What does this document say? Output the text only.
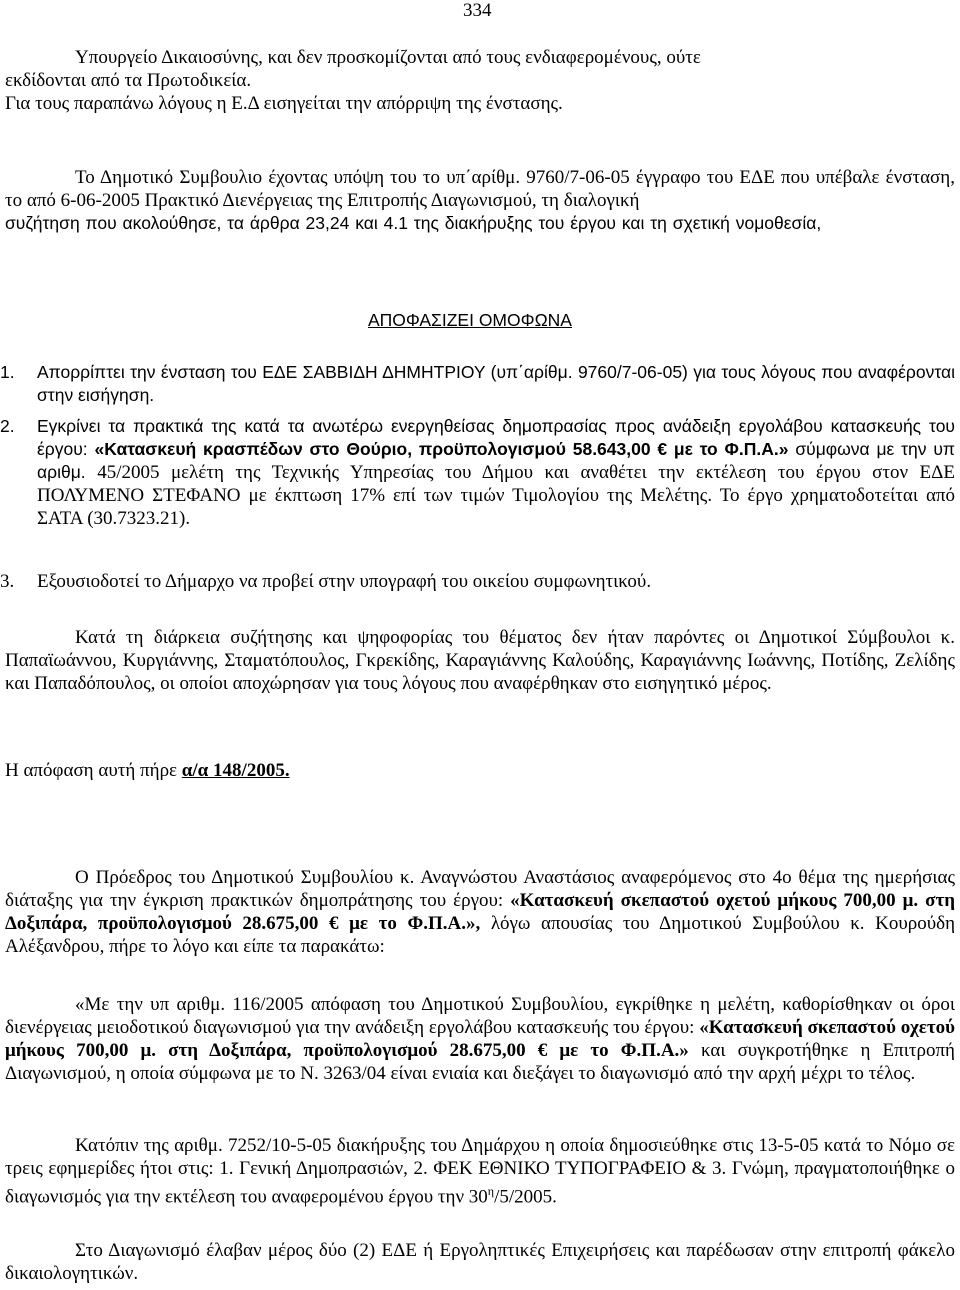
334
Υπουργείο Δικαιοσύνης, και δεν προσκομίζονται από τους ενδιαφερομένους, ούτε
εκδίδονται από τα Πρωτοδικεία.
Για τους παραπάνω λόγους η Ε.Δ εισηγείται την απόρριψη της ένστασης.
Το Δημοτικό Συμβουλιο έχοντας υπόψη του το υπ΄αρίθμ. 9760/7-06-05 έγγραφο του ΕΔΕ που υπέβαλε ένσταση, το από 6-06-2005 Πρακτικό Διενέργειας της Επιτροπής Διαγωνισμού, τη διαλογική
συζήτηση που ακολούθησε, τα άρθρα 23,24 και 4.1 της διακήρυξης του έργου και τη σχετική νομοθεσία,
ΑΠΟΦΑΣΙΖΕΙ ΟΜΟΦΩΝΑ
1. Απορρίπτει την ένσταση του ΕΔΕ ΣΑΒΒΙΔΗ ΔΗΜΗΤΡΙΟΥ (υπ΄αρίθμ. 9760/7-06-05) για τους λόγους που αναφέρονται στην εισήγηση.
2. Εγκρίνει τα πρακτικά της κατά τα ανωτέρω ενεργηθείσας δημοπρασίας προς ανάδειξη εργολάβου κατασκευής του έργου: «Κατασκευή κρασπέδων στο Θούριο, προϋπολογισμού 58.643,00 € με το Φ.Π.Α.» σύμφωνα με την υπ αριθμ. 45/2005 μελέτη της Τεχνικής Υπηρεσίας του Δήμου και αναθέτει την εκτέλεση του έργου στον ΕΔΕ ΠΟΛΥΜΕΝΟ ΣΤΕΦΑΝΟ με έκπτωση 17% επί των τιμών Τιμολογίου της Μελέτης. Το έργο χρηματοδοτείται από ΣΑΤΑ (30.7323.21).
3. Εξουσιοδοτεί το Δήμαρχο να προβεί στην υπογραφή του οικείου συμφωνητικού.
Κατά τη διάρκεια συζήτησης και ψηφοφορίας του θέματος δεν ήταν παρόντες οι Δημοτικοί Σύμβουλοι κ. Παπαϊωάννου, Κυργιάννης, Σταματόπουλος, Γκρεκίδης, Καραγιάννης Καλούδης, Καραγιάννης Ιωάννης, Ποτίδης, Ζελίδης και Παπαδόπουλος, οι οποίοι αποχώρησαν για τους λόγους που αναφέρθηκαν στο εισηγητικό μέρος.
Η απόφαση αυτή πήρε α/α 148/2005.
Ο Πρόεδρος του Δημοτικού Συμβουλίου κ. Αναγνώστου Αναστάσιος αναφερόμενος στο 4ο θέμα της ημερήσιας διάταξης για την έγκριση πρακτικών δημοπράτησης του έργου: «Κατασκευή σκεπαστού οχετού μήκους 700,00 μ. στη Δοξιπάρα, προϋπολογισμού 28.675,00 € με το Φ.Π.Α.», λόγω απουσίας του Δημοτικού Συμβούλου κ. Κουρούδη Αλέξανδρου, πήρε το λόγο και είπε τα παρακάτω:
«Με την υπ αριθμ. 116/2005 απόφαση του Δημοτικού Συμβουλίου, εγκρίθηκε η μελέτη, καθορίσθηκαν οι όροι διενέργειας μειοδοτικού διαγωνισμού για την ανάδειξη εργολάβου κατασκευής του έργου: «Κατασκευή σκεπαστού οχετού μήκους 700,00 μ. στη Δοξιπάρα, προϋπολογισμού 28.675,00 € με το Φ.Π.Α.» και συγκροτήθηκε η Επιτροπή Διαγωνισμού, η οποία σύμφωνα με το Ν. 3263/04 είναι ενιαία και διεξάγει το διαγωνισμό από την αρχή μέχρι το τέλος.
Κατόπιν της αριθμ. 7252/10-5-05 διακήρυξης του Δημάρχου η οποία δημοσιεύθηκε στις 13-5-05 κατά το Νόμο σε τρεις εφημερίδες ήτοι στις: 1. Γενική Δημοπρασιών, 2. ΦΕΚ ΕΘΝΙΚΟ ΤΥΠΟΓΡΑΦΕΙΟ & 3. Γνώμη, πραγματοποιήθηκε ο διαγωνισμός για την εκτέλεση του αναφερομένου έργου την $30^\eta/5/2005$.
Στο Διαγωνισμό έλαβαν μέρος δύο (2) ΕΔΕ ή Εργοληπτικές Επιχειρήσεις και παρέδωσαν στην επιτροπή φάκελο δικαιολογητικών.
